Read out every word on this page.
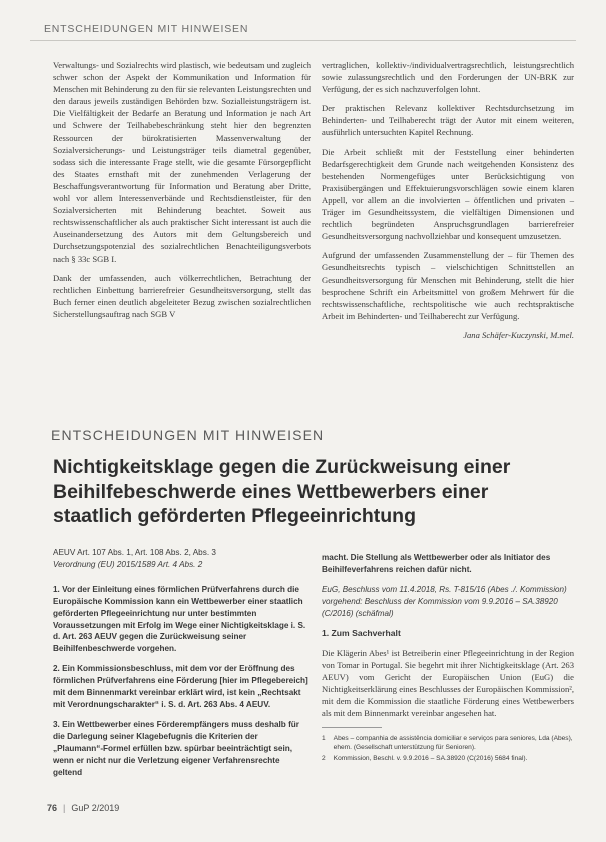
ENTSCHEIDUNGEN MIT HINWEISEN

Verwaltungs- und Sozialrechts wird plastisch, wie bedeutsam und zugleich schwer schon der Aspekt der Kommunikation und Information für Menschen mit Behinderung zu den für sie relevanten Leistungsrechten und den daraus jeweils zuständigen Behörden bzw. Sozialleistungsträgern ist. Die Vielfältigkeit der Bedarfe an Beratung und Information je nach Art und Schwere der Teilhabebeschränkung steht hier den begrenzten Ressourcen der bürokratisierten Massenverwaltung der Sozialversicherungs- und Leistungsträger teils diametral gegenüber, sodass sich die interessante Frage stellt, wie die gesamte Fürsorgepflicht des Staates ernsthaft mit der zunehmenden Verlagerung der Beschaffungsverantwortung für Information und Beratung aber Dritte, wohl vor allem Interessenverbände und Rechtsdienstleister, für den Sozialversicherten mit Behinderung beachtet. Soweit aus rechtswissenschaftlicher als auch praktischer Sicht interessant ist auch die Auseinandersetzung des Autors mit dem Geltungsbereich und Durchsetzungspotenzial des sozialrechtlichen Benachteiligungsverbots nach § 33c SGB I.

Dank der umfassenden, auch völkerrechtlichen, Betrachtung der rechtlichen Einbettung barrierefreier Gesundheitsversorgung, stellt das Buch ferner einen deutlich abgeleiteter Bezug zwischen sozialrechtlichen Sicherstellungsauftrag nach SGB V

vertraglichen, kollektiv-/individualvertragsrechtlich, leistungsrechtlich sowie zulassungsrechtlich und den Forderungen der UN-BRK zur Verfügung, der es sich nachzuverfolgen lohnt.

Der praktischen Relevanz kollektiver Rechtsdurchsetzung im Behinderten- und Teilhaberecht trägt der Autor mit einem weiteren, ausführlich untersuchten Kapitel Rechnung.

Die Arbeit schließt mit der Feststellung einer behinderten Bedarfsgerechtigkeit dem Grunde nach weitgehenden Konsistenz des bestehenden Normengefüges unter Berücksichtigung von Praxisübergängen und Effektuierungsvorschlägen sowie einem klaren Appell, vor allem an die involvierten – öffentlichen und privaten – Träger im Gesundheitssystem, die vielfältigen Dimensionen und rechtlich begründeten Anspruchsgrundlagen barrierefreier Gesundheitsversorgung nachvollziehbar und konsequent umzusetzen.

Aufgrund der umfassenden Zusammenstellung der – für Themen des Gesundheitsrechts typisch – vielschichtigen Schnittstellen an Gesundheitsversorgung für Menschen mit Behinderung, stellt die hier besprochene Schrift ein Arbeitsmittel von großem Mehrwert für die rechtswissenschaftliche, rechtspolitische wie auch rechtspraktische Arbeit im Behinderten- und Teilhaberecht zur Verfügung.

Jana Schäfer-Kuczynski, M.mel.
ENTSCHEIDUNGEN MIT HINWEISEN
Nichtigkeitsklage gegen die Zurückweisung einer Beihilfebeschwerde eines Wettbewerbers einer staatlich geförderten Pflegeeinrichtung

AEUV Art. 107 Abs. 1, Art. 108 Abs. 2, Abs. 3
Verordnung (EU) 2015/1589 Art. 4 Abs. 2

1. Vor der Einleitung eines förmlichen Prüfverfahrens durch die Europäische Kommission kann ein Wettbewerber einer staatlich geförderten Pflegeeinrichtung nur unter bestimmten Voraussetzungen mit Erfolg im Wege einer Nichtigkeitsklage i. S. d. Art. 263 AEUV gegen die Zurückweisung seiner Beihilfenbeschwerde vorgehen.

2. Ein Kommissionsbeschluss, mit dem vor der Eröffnung des förmlichen Prüfverfahrens eine Förderung [hier im Pflegebereich] mit dem Binnenmarkt vereinbar erklärt wird, ist kein „Rechtsakt mit Verordnungscharakter“ i. S. d. Art. 263 Abs. 4 AEUV.

3. Ein Wettbewerber eines Förderempfängers muss deshalb für die Darlegung seiner Klagebefugnis die Kriterien der „Plaumann“-Formel erfüllen bzw. spürbar beeinträchtigt sein, wenn er nicht nur die Verletzung eigener Verfahrensrechte geltend

macht. Die Stellung als Wettbewerber oder als Initiator des Beihilfeverfahrens reichen dafür nicht.

EuG, Beschluss vom 11.4.2018, Rs. T-815/16 (Abes ./. Kommission) vorgehend: Beschluss der Kommission vom 9.9.2016 – SA.38920 (C/2016) (schäfmal)

1. Zum Sachverhalt

Die Klägerin Abes¹ ist Betreiberin einer Pflegeeinrichtung in der Region von Tomar in Portugal. Sie begehrt mit ihrer Nichtigkeitsklage (Art. 263 AEUV) vom Gericht der Europäischen Union (EuG) die Nichtigkeitserklärung eines Beschlusses der Europäischen Kommission², mit dem die Kommission die staatliche Förderung eines Wettbewerbers als mit dem Binnenmarkt vereinbar angesehen hat.

1 Abes – companhia de assistência domiciliar e serviços para seniores, Lda (Abes), ehem. (Gesellschaft unterstützung für Senioren).
2 Kommission, Beschl. v. 9.9.2016 – SA.38920 (C(2016) 5684 final).
76 | GuP 2/2019
